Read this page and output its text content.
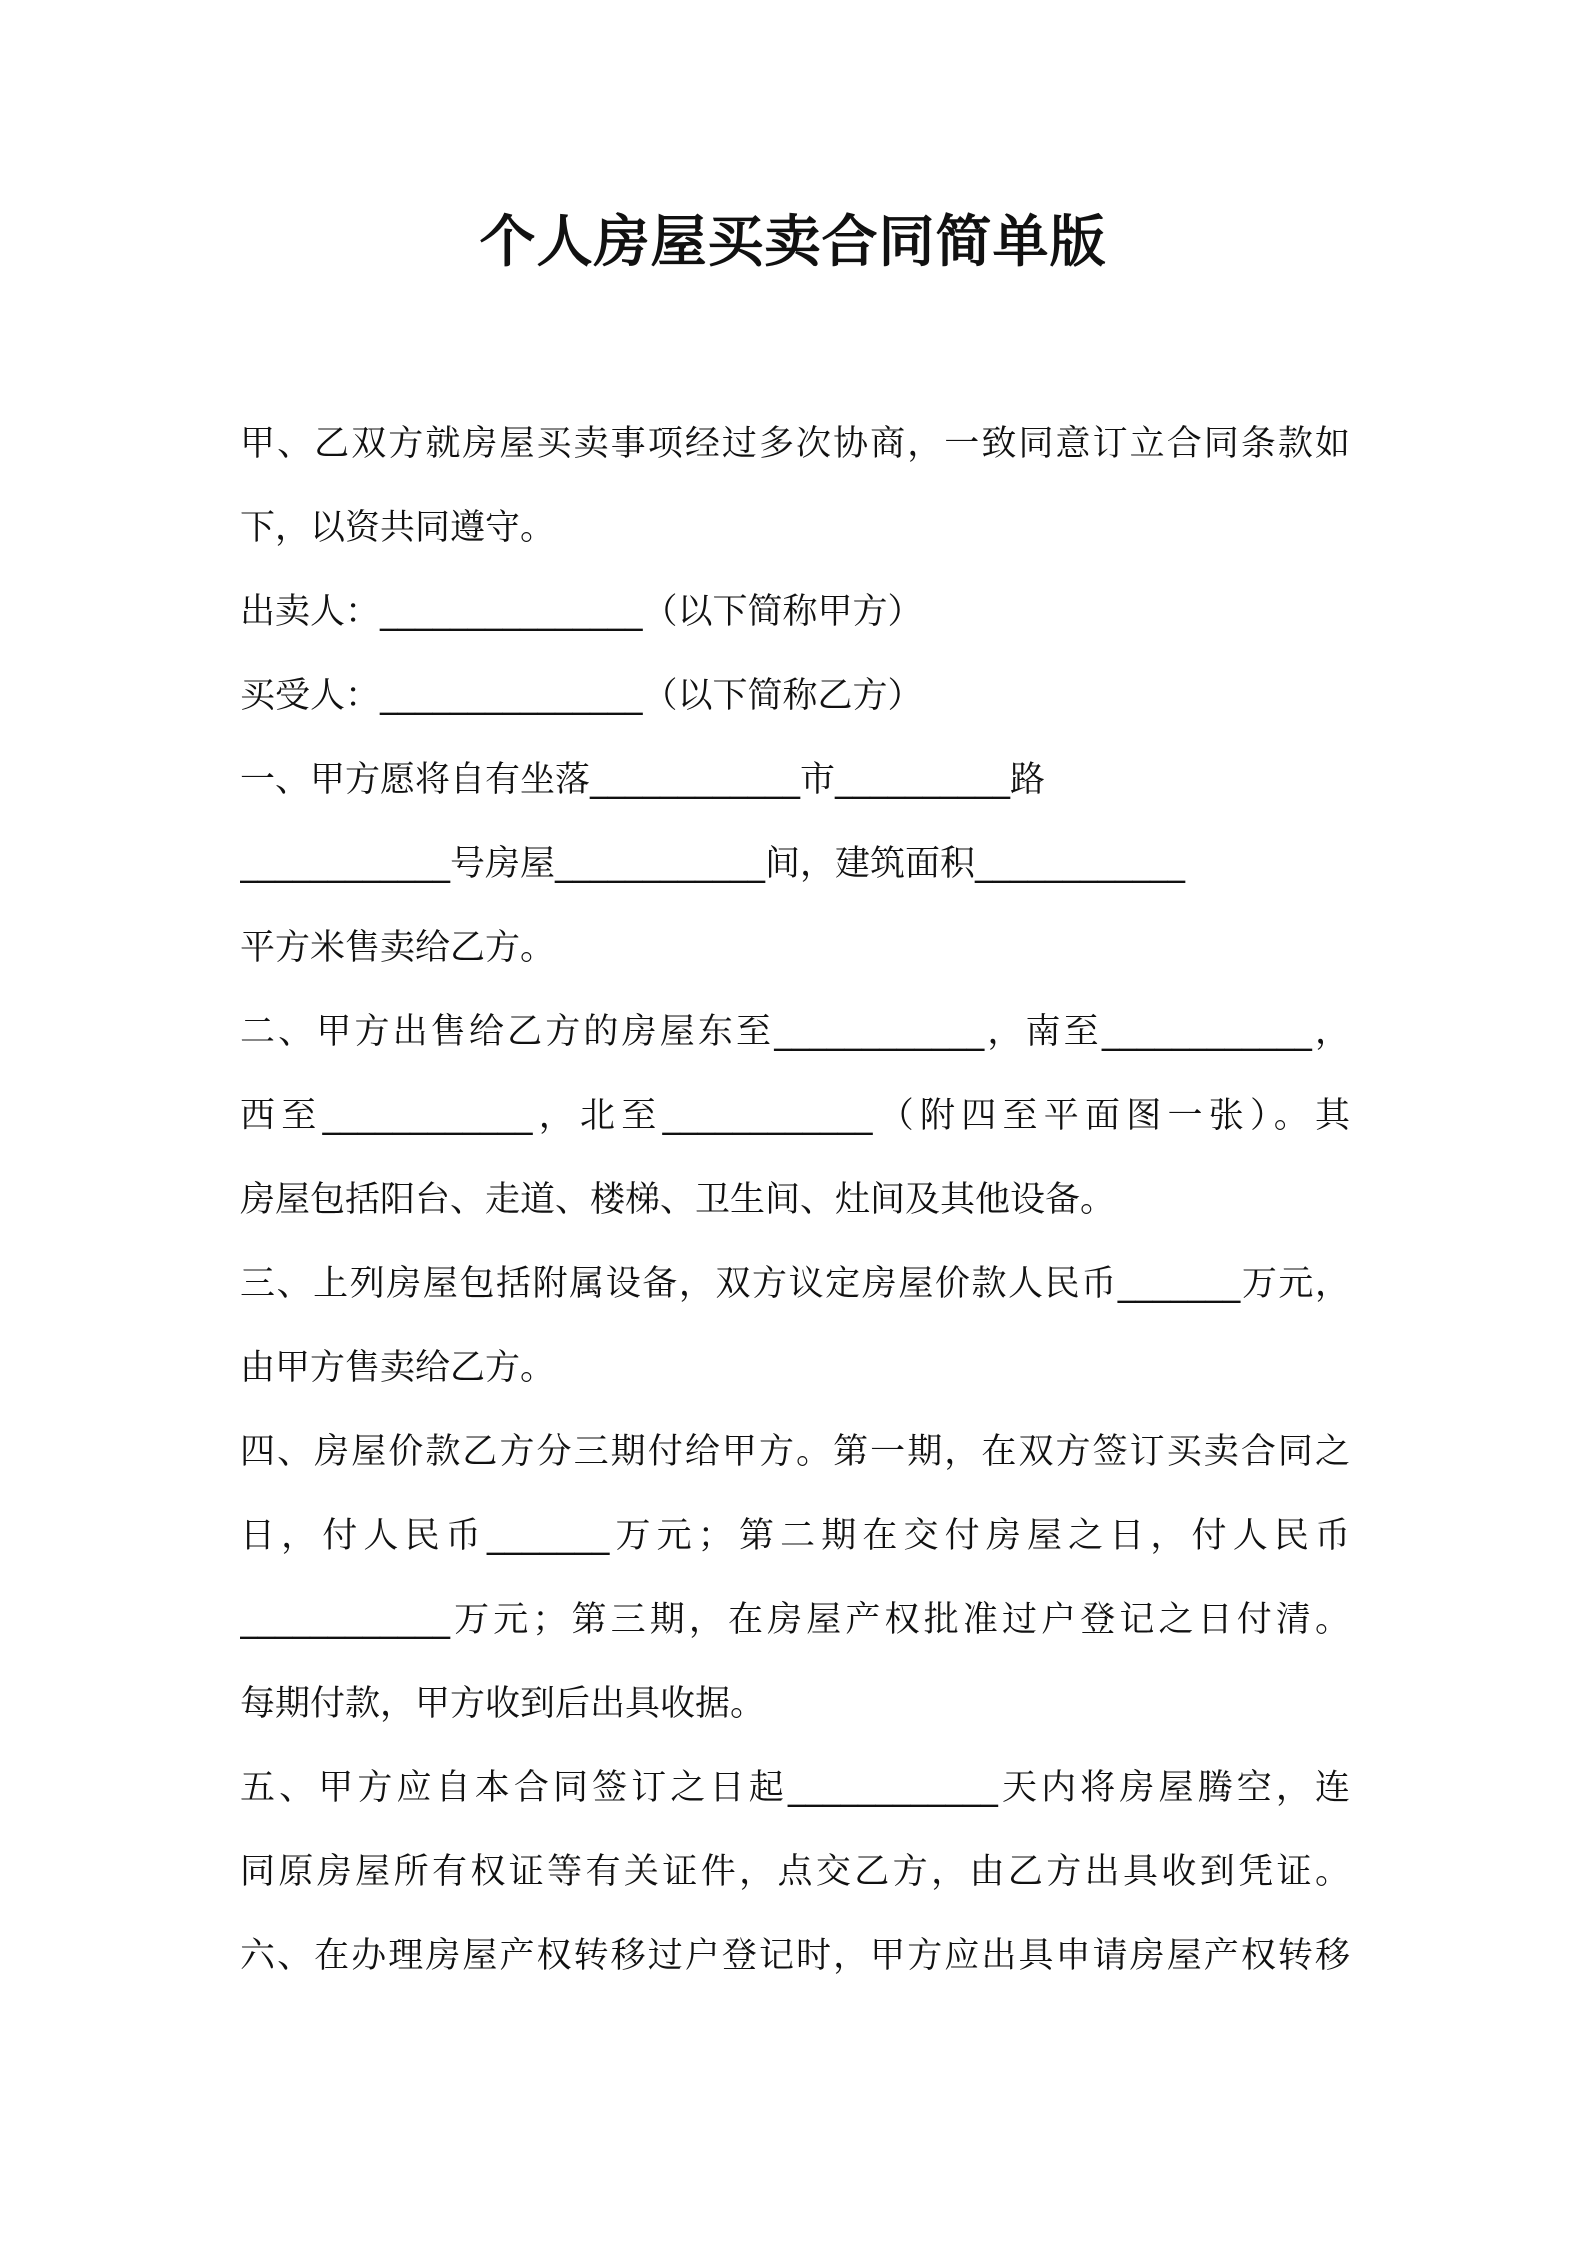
个人房屋买卖合同简单版
甲、乙双方就房屋买卖事项经过多次协商，一致同意订立合同条款如
下，以资共同遵守。
出卖人：_______________（以下简称甲方）
买受人：_______________（以下简称乙方）
一、甲方愿将自有坐落____________市__________路
____________号房屋____________间，建筑面积____________
平方米售卖给乙方。
二、甲方出售给乙方的房屋东至____________，南至____________，
西至____________，北至____________（附四至平面图一张）。其
房屋包括阳台、走道、楼梯、卫生间、灶间及其他设备。
三、上列房屋包括附属设备，双方议定房屋价款人民币_______万元，
由甲方售卖给乙方。
四、房屋价款乙方分三期付给甲方。第一期，在双方签订买卖合同之
日，付人民币_______万元；第二期在交付房屋之日，付人民币
____________万元；第三期，在房屋产权批准过户登记之日付清。
每期付款，甲方收到后出具收据。
五、甲方应自本合同签订之日起____________天内将房屋腾空，连
同原房屋所有权证等有关证件，点交乙方，由乙方出具收到凭证。
六、在办理房屋产权转移过户登记时，甲方应出具申请房屋产权转移
